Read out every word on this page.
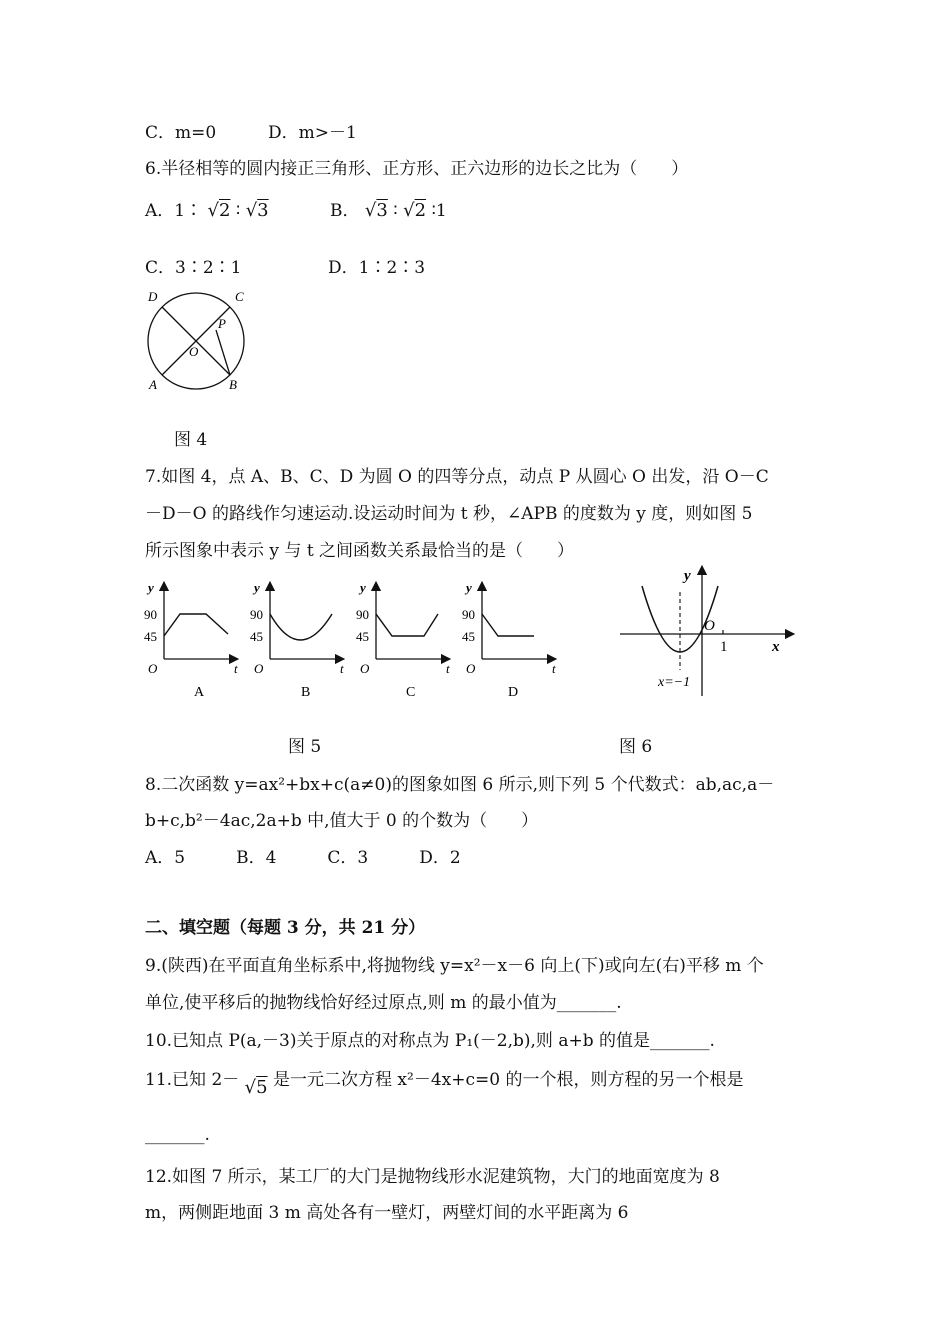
C．m=0	D．m>－1
6.半径相等的圆内接正三角形、正方形、正六边形的边长之比为（　　）
A．1∶ √2 ∶ √3	B． √3 ∶ √2 ∶1
C．3∶2∶1	D．1∶2∶3
D	C
P
O
A	B
图 4
7.如图 4，点 A、B、C、D 为圆 O 的四等分点，动点 P 从圆心 O 出发，沿 O－C
－D－O 的路线作匀速运动.设运动时间为 t 秒，∠APB 的度数为 y 度，则如图 5
所示图象中表示 y 与 t 之间函数关系最恰当的是（　　）
y
90
45
O	t
A
y
90
45
O	t
B
y
90
45
O	t
C
y
90
45
O	t
D
y
x
O
1
x=−1
图 5	图 6
8.二次函数 y=ax²+bx+c(a≠0)的图象如图 6 所示,则下列 5 个代数式：ab,ac,a－
b+c,b²－4ac,2a+b 中,值大于 0 的个数为（　　）
A．5　　　B．4　　　C．3　　　D．2
二、填空题（每题 3 分，共 21 分）
9.(陕西)在平面直角坐标系中,将抛物线 y=x²－x－6 向上(下)或向左(右)平移 m 个
单位,使平移后的抛物线恰好经过原点,则 m 的最小值为_______.
10.已知点 P(a,－3)关于原点的对称点为 P₁(－2,b),则 a+b 的值是_______.
11.已知 2－ √5 是一元二次方程 x²－4x+c=0 的一个根，则方程的另一个根是
_______.
12.如图 7 所示，某工厂的大门是抛物线形水泥建筑物，大门的地面宽度为 8
m，两侧距地面 3 m 高处各有一壁灯，两壁灯间的水平距离为 6
